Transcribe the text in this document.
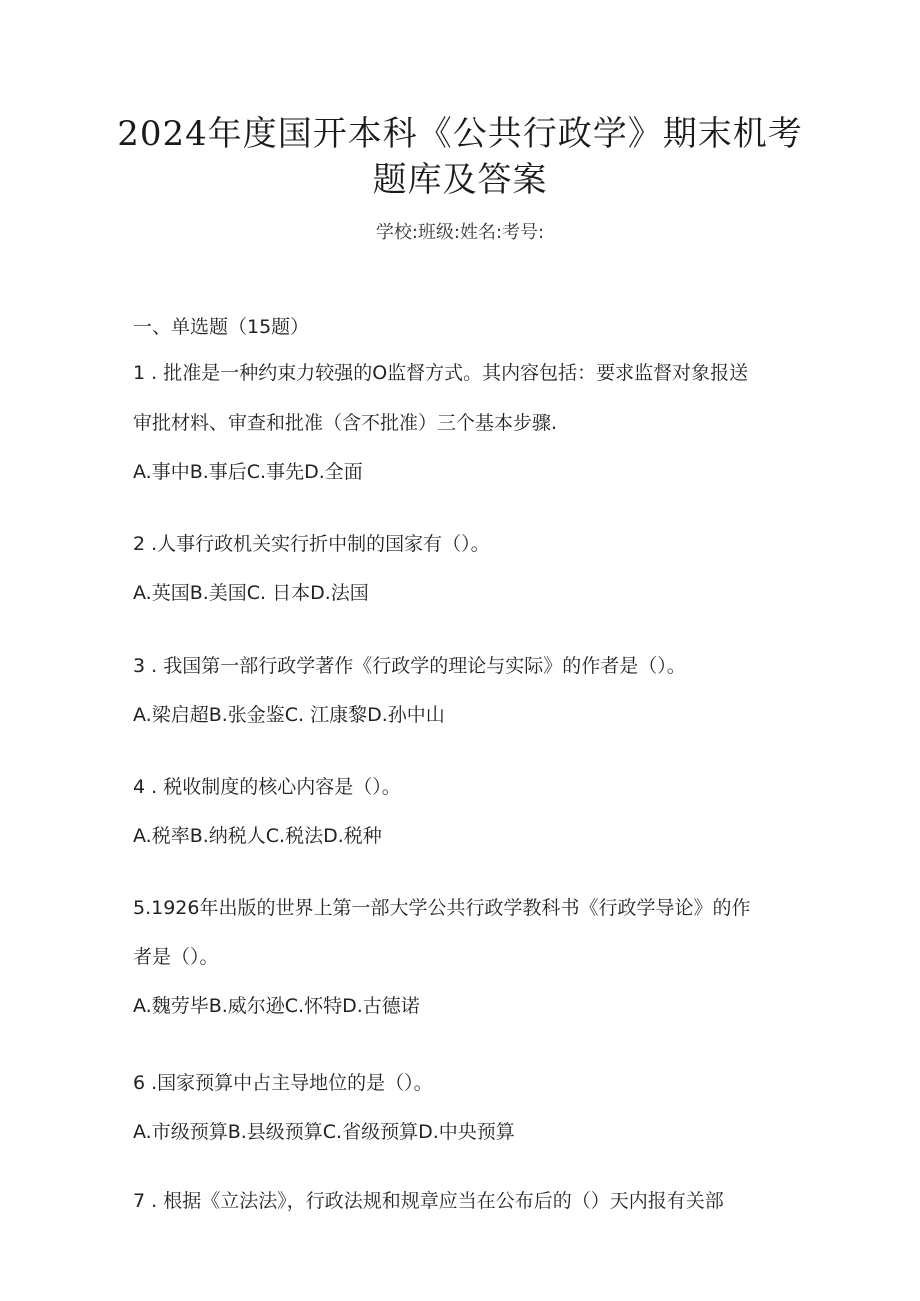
2024年度国开本科《公共行政学》期末机考
题库及答案
学校:班级:姓名:考号:
一、单选题（15题）
1 . 批准是一种约束力较强的O监督方式。其内容包括：要求监督对象报送
审批材料、审查和批准（含不批准）三个基本步骤.
A.事中B.事后C.事先D.全面
2 .人事行政机关实行折中制的国家有（）。
A.英国B.美国C. 日本D.法国
3 . 我国第一部行政学著作《行政学的理论与实际》的作者是（）。
A.梁启超B.张金鉴C. 江康黎D.孙中山
4 . 税收制度的核心内容是（）。
A.税率B.纳税人C.税法D.税种
5.1926年出版的世界上第一部大学公共行政学教科书《行政学导论》的作
者是（）。
A.魏劳毕B.威尔逊C.怀特D.古德诺
6 .国家预算中占主导地位的是（）。
A.市级预算B.县级预算C.省级预算D.中央预算
7 . 根据《立法法》，行政法规和规章应当在公布后的（）天内报有关部
